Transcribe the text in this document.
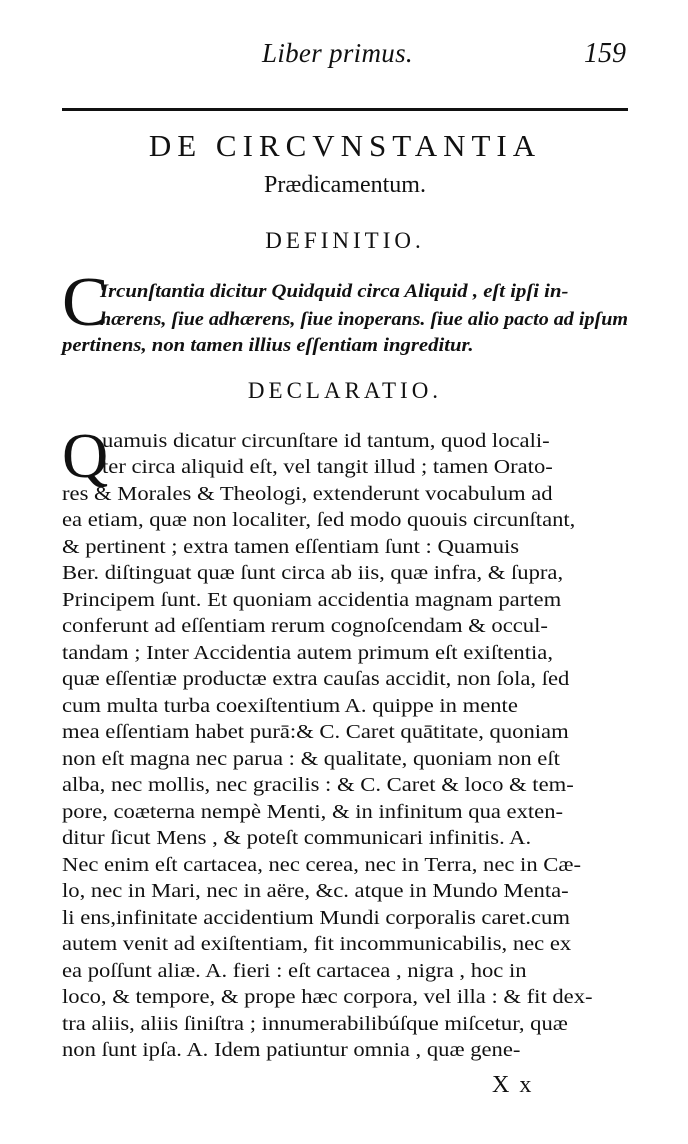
Liber primus.	159
DE CIRCVNSTANTIA
Prædicamentum.
DEFINITIO.
C
Ircunſtantia dicitur Quidquid circa Aliquid , eſt ipſi in-
hærens, ſiue adhærens, ſiue inoperans. ſiue alio pacto ad ipſum
pertinens, non tamen illius eſſentiam ingreditur.
DECLARATIO.
Q
uamuis dicatur circunſtare id tantum, quod locali-
ter circa aliquid eſt, vel tangit illud ; tamen Orato-
res & Morales & Theologi, extenderunt vocabulum ad
ea etiam, quæ non localiter, ſed modo quouis circunſtant,
& pertinent ; extra tamen eſſentiam ſunt : Quamuis
Ber. diſtinguat quæ ſunt circa ab iis, quæ infra, & ſupra,
Principem ſunt. Et quoniam accidentia magnam partem
conferunt ad eſſentiam rerum cognoſcendam & occul-
tandam ; Inter Accidentia autem primum eſt exiſtentia,
quæ eſſentiæ productæ extra cauſas accidit, non ſola, ſed
cum multa turba coexiſtentium A. quippe in mente
mea eſſentiam habet purā:& C. Caret quātitate, quoniam
non eſt magna nec parua : & qualitate, quoniam non eſt
alba, nec mollis, nec gracilis : & C. Caret & loco & tem-
pore, coæterna nempè Menti, & in infinitum qua exten-
ditur ſicut Mens , & poteſt communicari infinitis. A.
Nec enim eſt cartacea, nec cerea, nec in Terra, nec in Cæ-
lo, nec in Mari, nec in aëre, &c. atque in Mundo Menta-
li ens,infinitate accidentium Mundi corporalis caret.cum
autem venit ad exiſtentiam, fit incommunicabilis, nec ex
ea poſſunt aliæ. A. fieri : eſt cartacea , nigra , hoc in
loco, & tempore, & prope hæc corpora, vel illa : & fit dex-
tra aliis, aliis ſiniſtra ; innumerabilibúſque miſcetur, quæ
non ſunt ipſa. A. Idem patiuntur omnia , quæ gene-
X x
